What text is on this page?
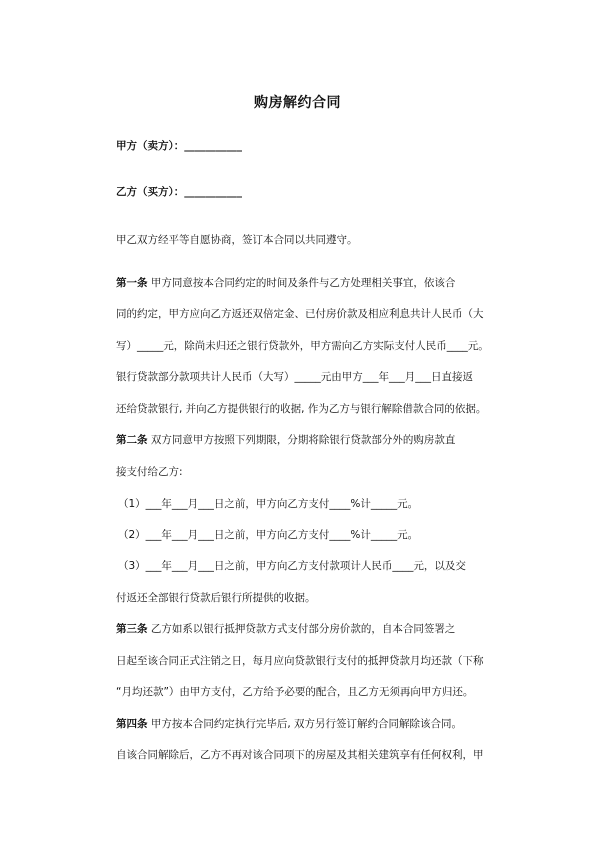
购房解约合同
甲方（卖方）：___________
乙方（买方）：___________
甲乙双方经平等自愿协商，签订本合同以共同遵守。
第一条 甲方同意按本合同约定的时间及条件与乙方处理相关事宜，依该合
同的约定，甲方应向乙方返还双倍定金、已付房价款及相应利息共计人民币（大
写）_____元，除尚未归还之银行贷款外，甲方需向乙方实际支付人民币____元。
银行贷款部分款项共计人民币（大写）_____元由甲方___年___月___日直接返
还给贷款银行, 并向乙方提供银行的收据, 作为乙方与银行解除借款合同的依据。
第二条 双方同意甲方按照下列期限，分期将除银行贷款部分外的购房款直
接支付给乙方:
（1）___年___月___日之前，甲方向乙方支付____%计_____元。
（2）___年___月___日之前，甲方向乙方支付____%计_____元。
（3）___年___月___日之前，甲方向乙方支付款项计人民币____元，以及交
付返还全部银行贷款后银行所提供的收据。
第三条 乙方如系以银行抵押贷款方式支付部分房价款的，自本合同签署之
日起至该合同正式注销之日，每月应向贷款银行支付的抵押贷款月均还款（下称
“月均还款”）由甲方支付，乙方给予必要的配合，且乙方无须再向甲方归还。
第四条 甲方按本合同约定执行完毕后, 双方另行签订解约合同解除该合同。
自该合同解除后，乙方不再对该合同项下的房屋及其相关建筑享有任何权利，甲
